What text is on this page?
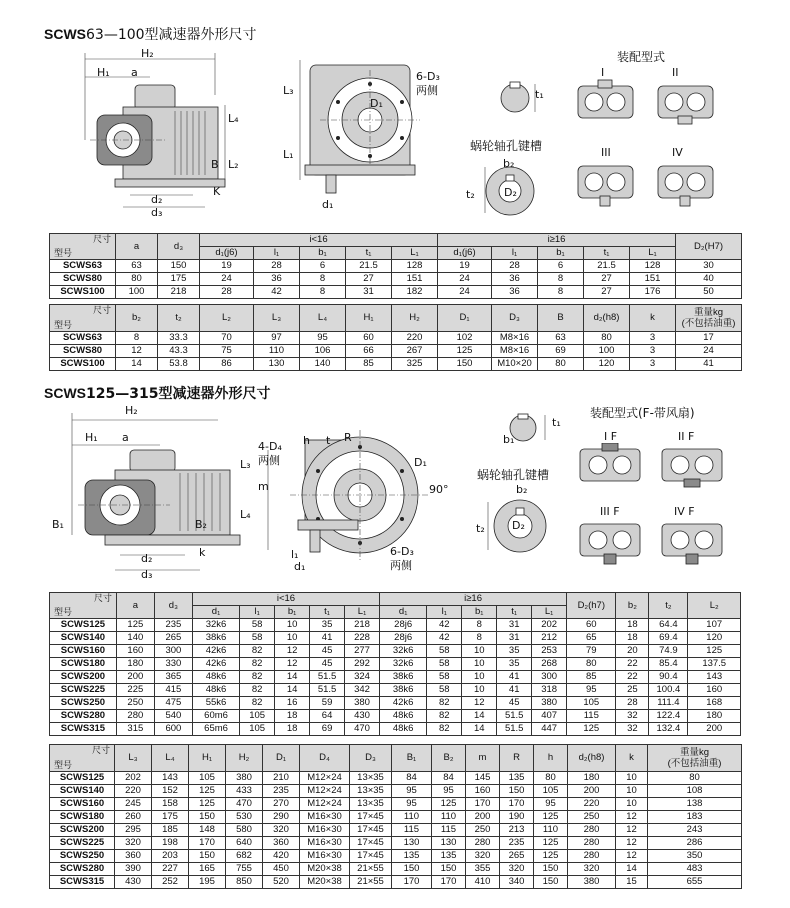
SCWS63—100型减速器外形尺寸
H₂
H₁ a
L₄
B L₂
K
d₂
d₃
6-D₃
两侧
L₃
L₁
d₁
D₁
t₁
蜗轮轴孔键槽
b₂
t₂	D₂
装配型式
I	II
III	IV
尺寸
型号	a	d₃	i<16					i≥16					D₂(H7)
			d₁(j6)	l₁	b₁	t₁	L₁	d₁(j6)	l₁	b₁	t₁	L₁	
SCWS63	63	150	19	28	6	21.5	128	19	28	6	21.5	128	30
SCWS80	80	175	24	36	8	27	151	24	36	8	27	151	40
SCWS100	100	218	28	42	8	31	182	24	36	8	27	176	50
尺寸
型号	b₂	t₂	L₂	L₃	L₄	H₁	H₂	D₁	D₃	B	d₂(h8)	k	重量kg
(不包括油重)
SCWS63	8	33.3	70	97	95	60	220	102	M8×16	63	80	3	17
SCWS80	12	43.3	75	110	106	66	267	125	M8×16	69	100	3	24
SCWS100	14	53.8	86	130	140	85	325	150	M10×20	80	120	3	41
SCWS125—315型减速器外形尺寸
H₂
H₁ a
B₁	B₂
k
d₂
d₃
4-D₄
两侧
h t R
L₃
L₄
m
D₁
90°
6-D₃
两侧
l₁
d₁
b₁
t₁
蜗轮轴孔键槽
D₂
b₂
t₂
装配型式(F-带风扇)
I F	II F
III F	IV F
尺寸
型号	a	d₃	i<16					i≥16					D₂(h7)	b₂	t₂	L₂
			d₁	l₁	b₁	t₁	L₁	d₁	l₁	b₁	t₁	L₁				
SCWS125	125	235	32k6	58	10	35	218	28j6	42	8	31	202	60	18	64.4	107
SCWS140	140	265	38k6	58	10	41	228	28j6	42	8	31	212	65	18	69.4	120
SCWS160	160	300	42k6	82	12	45	277	32k6	58	10	35	253	79	20	74.9	125
SCWS180	180	330	42k6	82	12	45	292	32k6	58	10	35	268	80	22	85.4	137.5
SCWS200	200	365	48k6	82	14	51.5	324	38k6	58	10	41	300	85	22	90.4	143
SCWS225	225	415	48k6	82	14	51.5	342	38k6	58	10	41	318	95	25	100.4	160
SCWS250	250	475	55k6	82	16	59	380	42k6	82	12	45	380	105	28	111.4	168
SCWS280	280	540	60m6	105	18	64	430	48k6	82	14	51.5	407	115	32	122.4	180
SCWS315	315	600	65m6	105	18	69	470	48k6	82	14	51.5	447	125	32	132.4	200
尺寸
型号	L₃	L₄	H₁	H₂	D₁	D₄	D₃	B₁	B₂	m	R	h	d₂(h8)	k	重量kg
(不包括油重)
SCWS125	202	143	105	380	210	M12×24	13×35	84	84	145	135	80	180	10	80
SCWS140	220	152	125	433	235	M12×24	13×35	95	95	160	150	105	200	10	108
SCWS160	245	158	125	470	270	M12×24	13×35	95	125	170	170	95	220	10	138
SCWS180	260	175	150	530	290	M16×30	17×45	110	110	200	190	125	250	12	183
SCWS200	295	185	148	580	320	M16×30	17×45	115	115	250	213	110	280	12	243
SCWS225	320	198	170	640	360	M16×30	17×45	130	130	280	235	125	280	12	286
SCWS250	360	203	150	682	420	M16×30	17×45	135	135	320	265	125	280	12	350
SCWS280	390	227	165	755	450	M20×38	21×55	150	150	355	320	150	320	14	483
SCWS315	430	252	195	850	520	M20×38	21×55	170	170	410	340	150	380	15	655
